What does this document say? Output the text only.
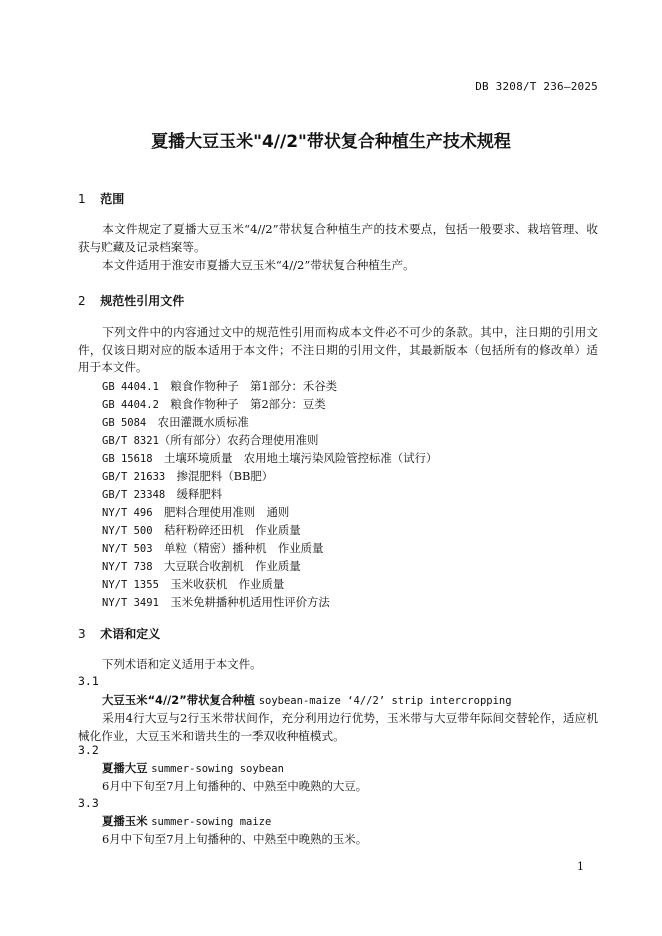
DB 3208/T 236—2025
夏播大豆玉米"4//2"带状复合种植生产技术规程
1 范围
本文件规定了夏播大豆玉米“4//2”带状复合种植生产的技术要点，包括一般要求、栽培管理、收获与贮藏及记录档案等。
本文件适用于淮安市夏播大豆玉米“4//2”带状复合种植生产。
2 规范性引用文件
下列文件中的内容通过文中的规范性引用而构成本文件必不可少的条款。其中，注日期的引用文件，仅该日期对应的版本适用于本文件；不注日期的引用文件，其最新版本（包括所有的修改单）适用于本文件。
GB 4404.1　 粮食作物种子　第1部分：禾谷类
GB 4404.2　 粮食作物种子　第2部分：豆类
GB 5084　 农田灌溉水质标准
GB/T 8321（所有部分）农药合理使用准则
GB 15618　 土壤环境质量　农用地土壤污染风险管控标准（试行）
GB/T 21633　 掺混肥料（BB肥）
GB/T 23348　 缓释肥料
NY/T 496　 肥料合理使用准则　通则
NY/T 500　 秸秆粉碎还田机　作业质量
NY/T 503　 单粒（精密）播种机　作业质量
NY/T 738　 大豆联合收割机　作业质量
NY/T 1355　 玉米收获机　作业质量
NY/T 3491　 玉米免耕播种机适用性评价方法
3 术语和定义
下列术语和定义适用于本文件。
3.1
大豆玉米“4//2”带状复合种植 soybean-maize ‘4//2’ strip intercropping
采用4行大豆与2行玉米带状间作，充分利用边行优势，玉米带与大豆带年际间交替轮作，适应机械化作业，大豆玉米和谐共生的一季双收种植模式。
3.2
夏播大豆 summer-sowing soybean
6月中下旬至7月上旬播种的、中熟至中晚熟的大豆。
3.3
夏播玉米 summer-sowing maize
6月中下旬至7月上旬播种的、中熟至中晚熟的玉米。
1
